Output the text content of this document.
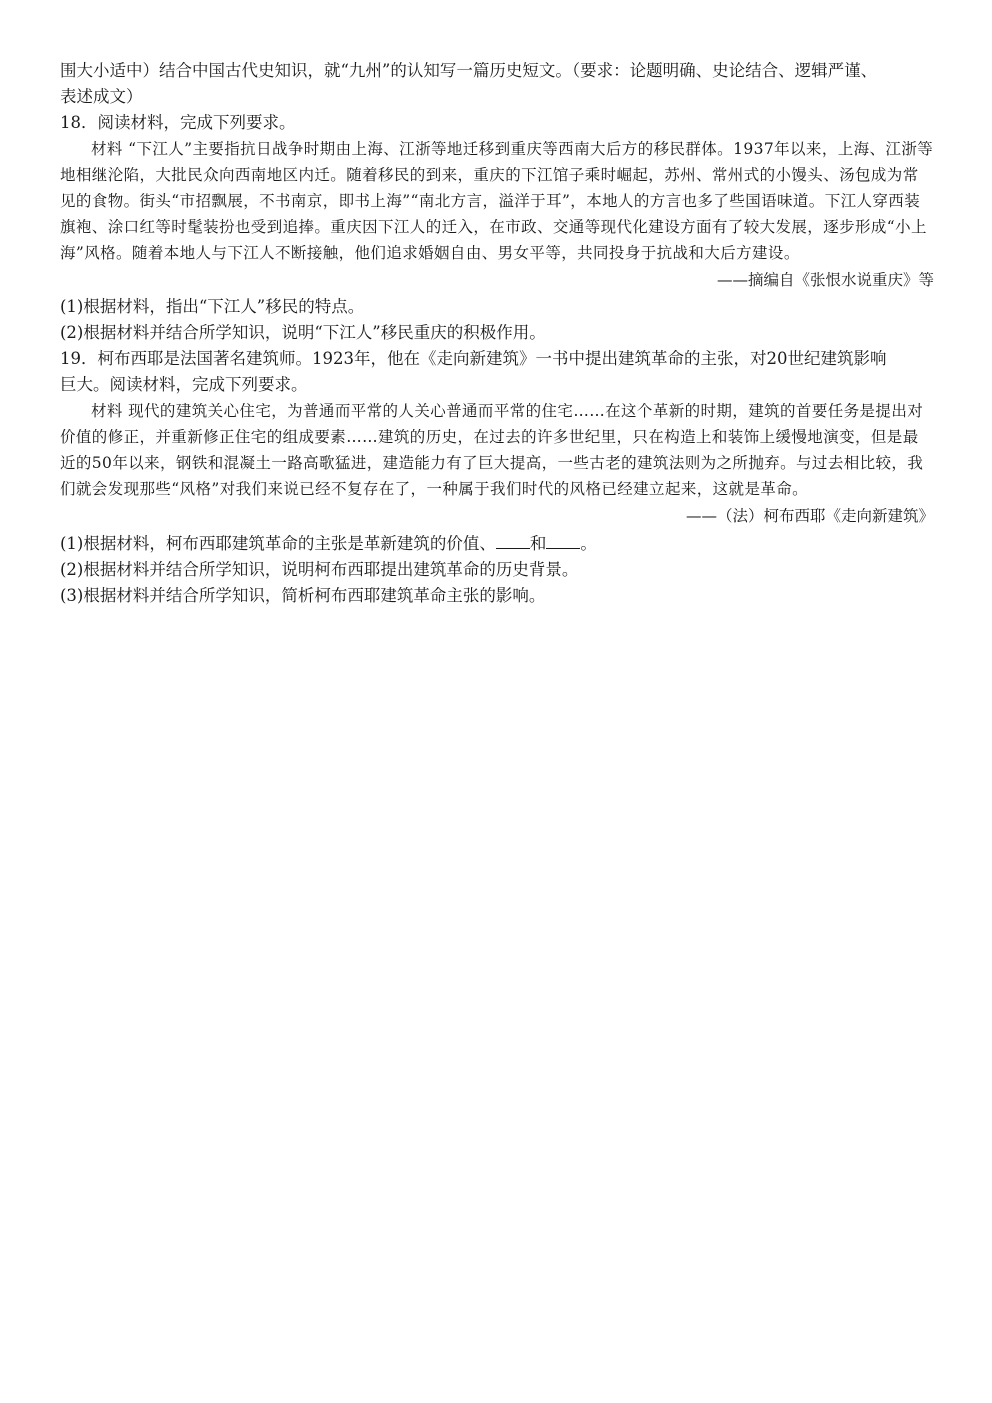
围大小适中）结合中国古代史知识，就“九州”的认知写一篇历史短文。（要求：论题明确、史论结合、逻辑严谨、

表述成文）

18．阅读材料，完成下列要求。

材料 “下江人”主要指抗日战争时期由上海、江浙等地迁移到重庆等西南大后方的移民群体。1937年以来，上海、江浙等地相继沦陷，大批民众向西南地区内迁。随着移民的到来，重庆的下江馆子乘时崛起，苏州、常州式的小馒头、汤包成为常见的食物。街头“市招飘展，不书南京，即书上海”“南北方言，溢洋于耳”，本地人的方言也多了些国语味道。下江人穿西装旗袍、涂口红等时髦装扮也受到追捧。重庆因下江人的迁入，在市政、交通等现代化建设方面有了较大发展，逐步形成“小上海”风格。随着本地人与下江人不断接触，他们追求婚姻自由、男女平等，共同投身于抗战和大后方建设。

——摘编自《张恨水说重庆》等

(1)根据材料，指出“下江人”移民的特点。

(2)根据材料并结合所学知识，说明“下江人”移民重庆的积极作用。

19．柯布西耶是法国著名建筑师。1923年，他在《走向新建筑》一书中提出建筑革命的主张，对20世纪建筑影响

巨大。阅读材料，完成下列要求。

材料 现代的建筑关心住宅，为普通而平常的人关心普通而平常的住宅……在这个革新的时期，建筑的首要任务是提出对价值的修正，并重新修正住宅的组成要素……建筑的历史，在过去的许多世纪里，只在构造上和装饰上缓慢地演变，但是最近的50年以来，钢铁和混凝土一路高歌猛进，建造能力有了巨大提高，一些古老的建筑法则为之所抛弃。与过去相比较，我们就会发现那些“风格”对我们来说已经不复存在了，一种属于我们时代的风格已经建立起来，这就是革命。

——（法）柯布西耶《走向新建筑》

(1)根据材料，柯布西耶建筑革命的主张是革新建筑的价值、 和 。

(2)根据材料并结合所学知识，说明柯布西耶提出建筑革命的历史背景。

(3)根据材料并结合所学知识，简析柯布西耶建筑革命主张的影响。
